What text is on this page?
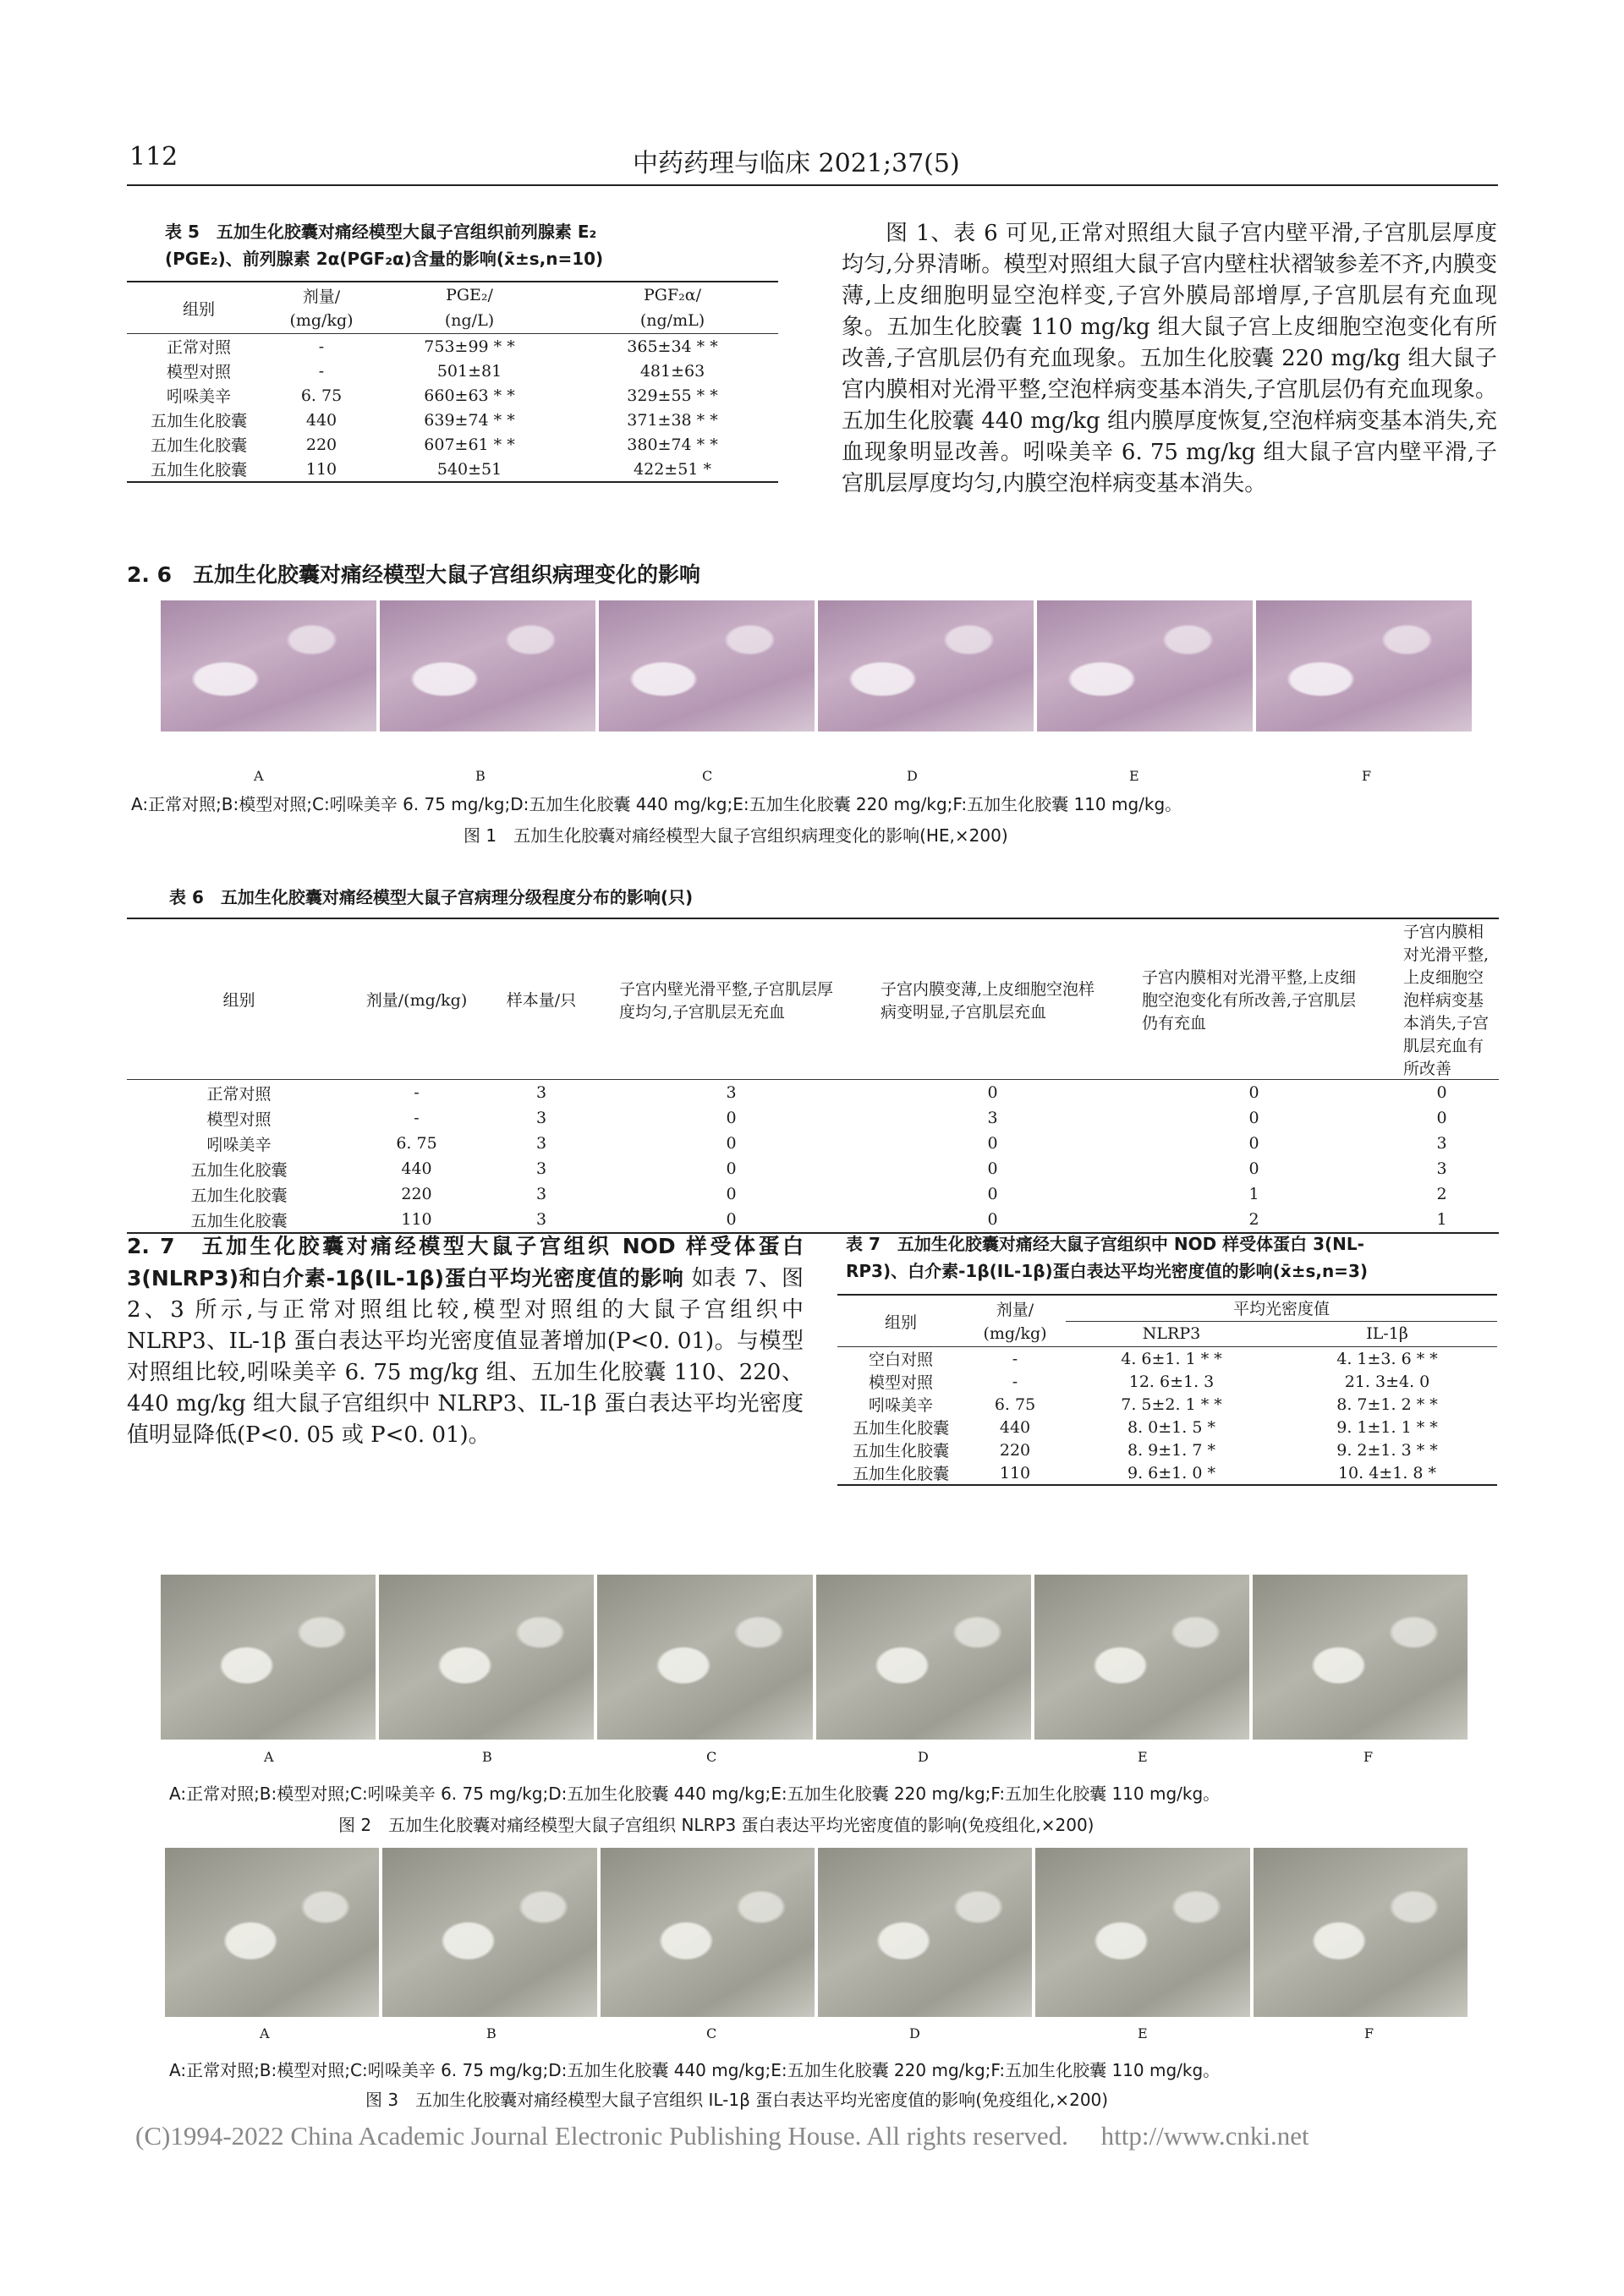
112	中药药理与临床 2021;37(5)
表 5　五加生化胶囊对痛经模型大鼠子宫组织前列腺素 E₂
(PGE₂)、前列腺素 2α(PGF₂α)含量的影响(x̄±s,n=10)
组别	剂量/	PGE₂/	PGF₂α/
	(mg/kg)	(ng/L)	(ng/mL)
正常对照	-	753±99 * *	365±34 * *
模型对照	-	501±81	481±63
吲哚美辛	6. 75	660±63 * *	329±55 * *
五加生化胶囊	440	639±74 * *	371±38 * *
五加生化胶囊	220	607±61 * *	380±74 * *
五加生化胶囊	110	540±51	422±51 *
2. 6　五加生化胶囊对痛经模型大鼠子宫组织病理变化的影响
图 1、表 6 可见,正常对照组大鼠子宫内壁平滑,子宫肌层厚度均匀,分界清晰。模型对照组大鼠子宫内壁柱状褶皱参差不齐,内膜变薄,上皮细胞明显空泡样变,子宫外膜局部增厚,子宫肌层有充血现象。五加生化胶囊 110 mg/kg 组大鼠子宫上皮细胞空泡变化有所改善,子宫肌层仍有充血现象。五加生化胶囊 220 mg/kg 组大鼠子宫内膜相对光滑平整,空泡样病变基本消失,子宫肌层仍有充血现象。五加生化胶囊 440 mg/kg 组内膜厚度恢复,空泡样病变基本消失,充血现象明显改善。吲哚美辛 6. 75 mg/kg 组大鼠子宫内壁平滑,子宫肌层厚度均匀,内膜空泡样病变基本消失。
A	B	C	D	E	F
A:正常对照;B:模型对照;C:吲哚美辛 6. 75 mg/kg;D:五加生化胶囊 440 mg/kg;E:五加生化胶囊 220 mg/kg;F:五加生化胶囊 110 mg/kg。
图 1　五加生化胶囊对痛经模型大鼠子宫组织病理变化的影响(HE,×200)
表 6　五加生化胶囊对痛经模型大鼠子宫病理分级程度分布的影响(只)
组别	剂量/(mg/kg)	样本量/只	子宫内壁光滑平整,子宫肌层厚度均匀,子宫肌层无充血	子宫内膜变薄,上皮细胞空泡样病变明显,子宫肌层充血	子宫内膜相对光滑平整,上皮细胞空泡变化有所改善,子宫肌层仍有充血	子宫内膜相对光滑平整,上皮细胞空泡样病变基本消失,子宫肌层充血有所改善
正常对照	-	3	3	0	0	0
模型对照	-	3	0	3	0	0
吲哚美辛	6. 75	3	0	0	0	3
五加生化胶囊	440	3	0	0	0	3
五加生化胶囊	220	3	0	0	1	2
五加生化胶囊	110	3	0	0	2	1
2. 7　五加生化胶囊对痛经模型大鼠子宫组织 NOD 样受体蛋白 3(NLRP3)和白介素-1β(IL-1β)蛋白平均光密度值的影响 如表 7、图 2、3 所示,与正常对照组比较,模型对照组的大鼠子宫组织中 NLRP3、IL-1β 蛋白表达平均光密度值显著增加(P<0. 01)。与模型对照组比较,吲哚美辛 6. 75 mg/kg 组、五加生化胶囊 110、220、440 mg/kg 组大鼠子宫组织中 NLRP3、IL-1β 蛋白表达平均光密度值明显降低(P<0. 05 或 P<0. 01)。
表 7　五加生化胶囊对痛经大鼠子宫组织中 NOD 样受体蛋白 3(NL-
RP3)、白介素-1β(IL-1β)蛋白表达平均光密度值的影响(x̄±s,n=3)
组别	剂量/	平均光密度值	
	(mg/kg)	NLRP3	IL-1β
空白对照	-	4. 6±1. 1 * *	4. 1±3. 6 * *
模型对照	-	12. 6±1. 3	21. 3±4. 0
吲哚美辛	6. 75	7. 5±2. 1 * *	8. 7±1. 2 * *
五加生化胶囊	440	8. 0±1. 5 *	9. 1±1. 1 * *
五加生化胶囊	220	8. 9±1. 7 *	9. 2±1. 3 * *
五加生化胶囊	110	9. 6±1. 0 *	10. 4±1. 8 *
A	B	C	D	E	F
A:正常对照;B:模型对照;C:吲哚美辛 6. 75 mg/kg;D:五加生化胶囊 440 mg/kg;E:五加生化胶囊 220 mg/kg;F:五加生化胶囊 110 mg/kg。
图 2　五加生化胶囊对痛经模型大鼠子宫组织 NLRP3 蛋白表达平均光密度值的影响(免疫组化,×200)
A	B	C	D	E	F
A:正常对照;B:模型对照;C:吲哚美辛 6. 75 mg/kg;D:五加生化胶囊 440 mg/kg;E:五加生化胶囊 220 mg/kg;F:五加生化胶囊 110 mg/kg。
图 3　五加生化胶囊对痛经模型大鼠子宫组织 IL-1β 蛋白表达平均光密度值的影响(免疫组化,×200)
(C)1994-2022 China Academic Journal Electronic Publishing House. All rights reserved.　 http://www.cnki.net
